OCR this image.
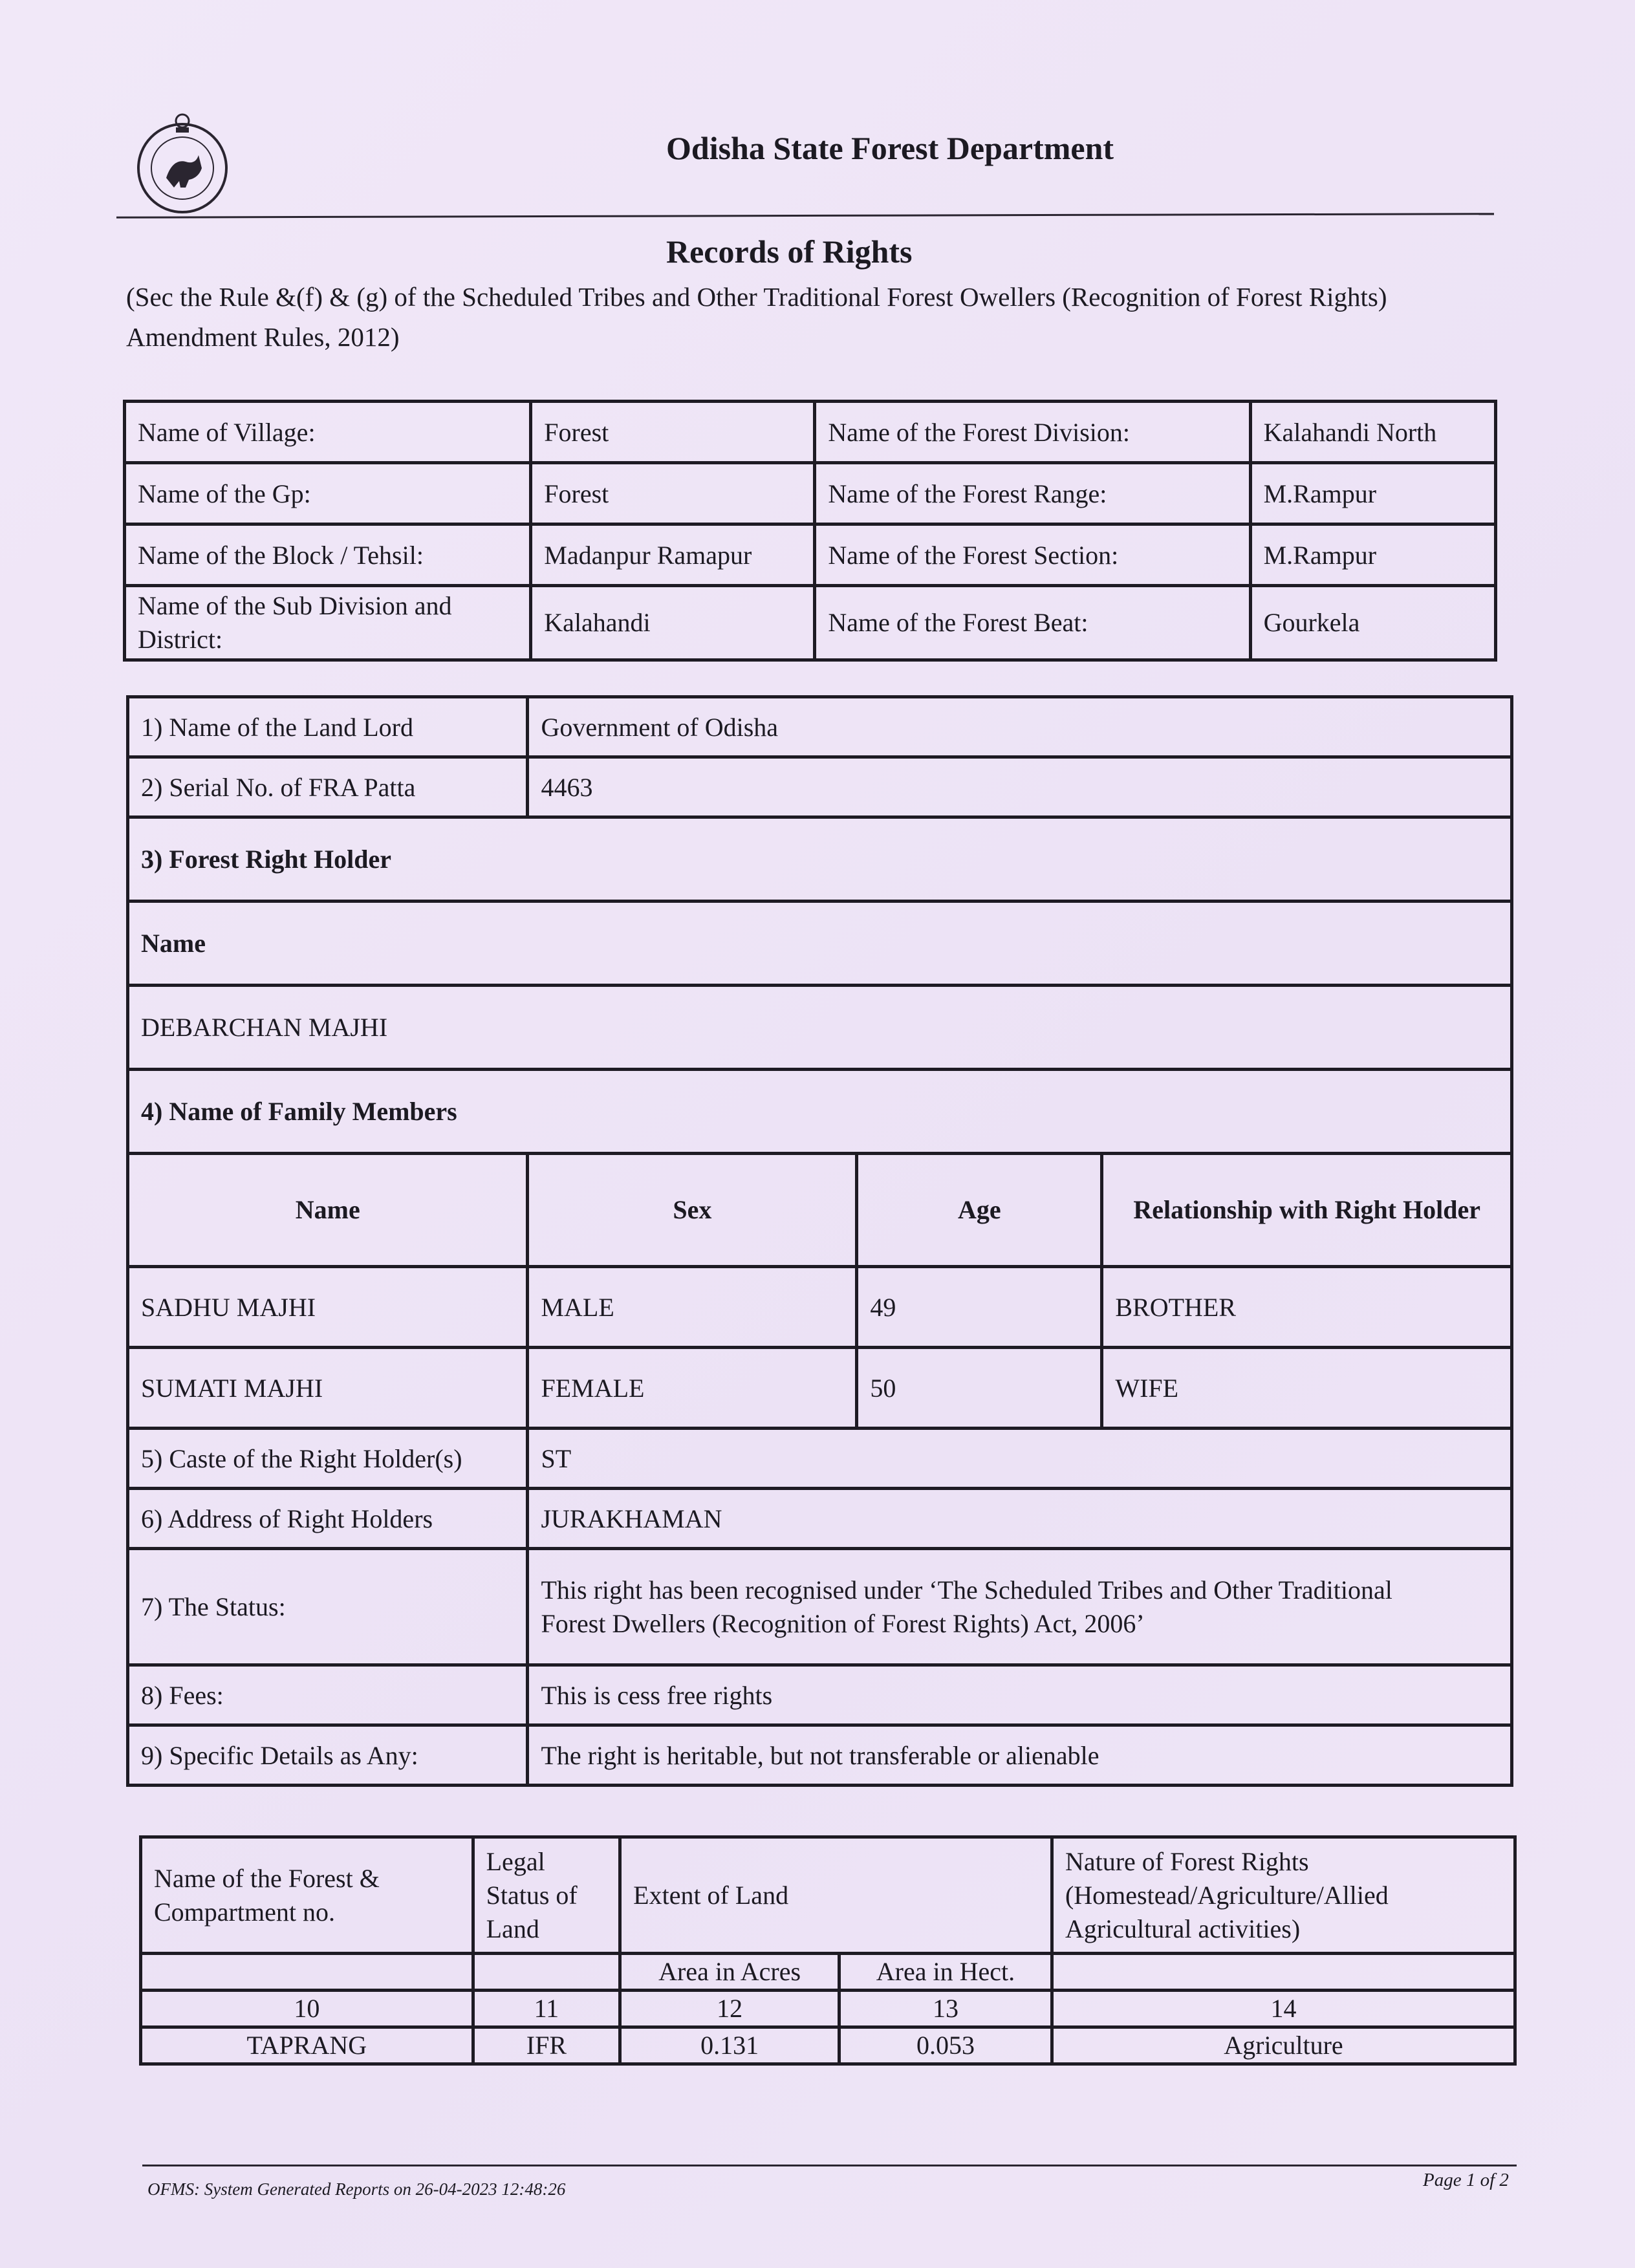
Odisha State Forest Department
Records of Rights
(Sec the Rule &(f) & (g) of the Scheduled Tribes and Other Traditional Forest Owellers (Recognition of Forest Rights) Amendment Rules, 2012)
Name of Village:	Forest	Name of the Forest Division:	Kalahandi North
Name of the Gp:	Forest	Name of the Forest Range:	M.Rampur
Name of the Block / Tehsil:	Madanpur Ramapur	Name of the Forest Section:	M.Rampur
Name of the Sub Division and District:	Kalahandi	Name of the Forest Beat:	Gourkela
1) Name of the Land Lord	Government of Odisha		
2) Serial No. of FRA Patta	4463		
3) Forest Right Holder			
Name			
DEBARCHAN MAJHI			
4) Name of Family Members			
Name	Sex	Age	Relationship with Right Holder
SADHU MAJHI	MALE	49	BROTHER
SUMATI MAJHI	FEMALE	50	WIFE
5) Caste of the Right Holder(s)	ST		
6) Address of Right Holders	JURAKHAMAN		
7) The Status:	This right has been recognised under ‘The Scheduled Tribes and Other Traditional
Forest Dwellers (Recognition of Forest Rights) Act, 2006’		

8) Fees:	This is cess free rights		
9) Specific Details as Any:	The right is heritable, but not transferable or alienable		
Name of the Forest & Compartment no.	Legal Status of Land	Extent of Land		Nature of Forest Rights (Homestead/Agriculture/Allied Agricultural activities)
		Area in Acres	Area in Hect.	
10	11	12	13	14
TAPRANG	IFR	0.131	0.053	Agriculture
OFMS: System Generated Reports on 26-04-2023 12:48:26	Page 1 of 2
